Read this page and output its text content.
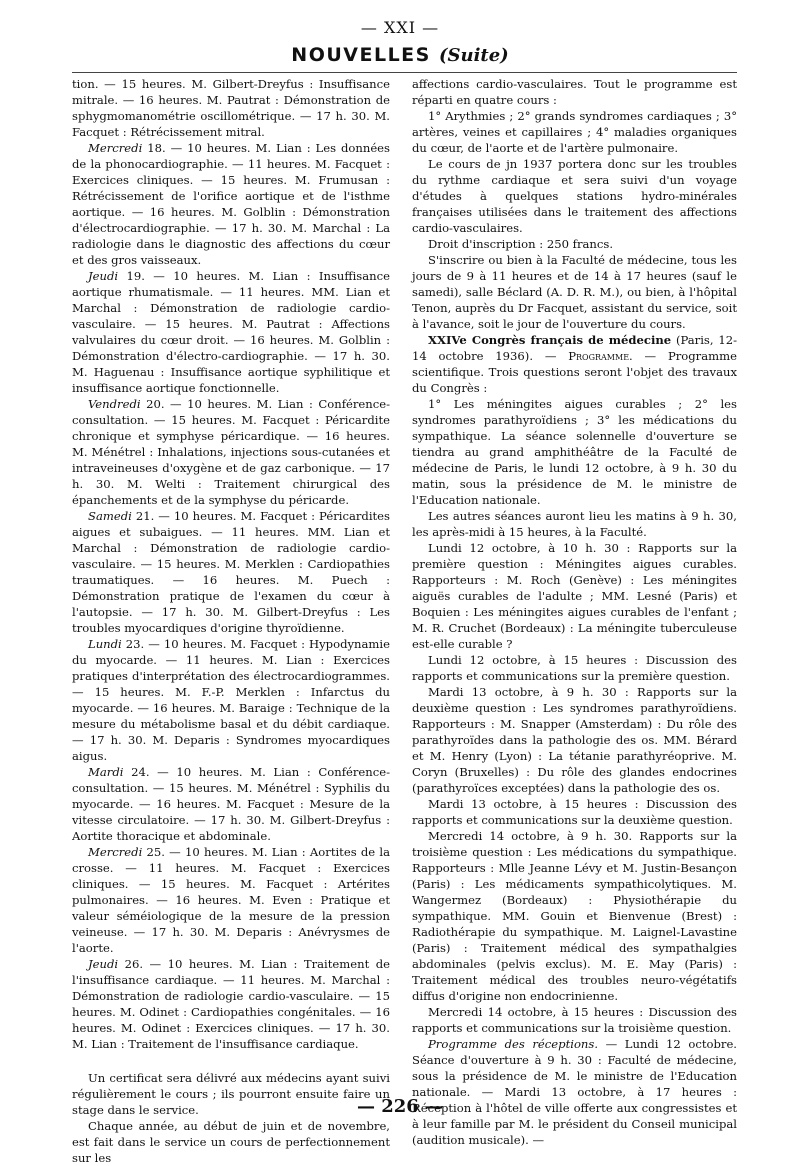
— XXI —
NOUVELLES (Suite)

tion. — 15 heures. M. Gilbert-Dreyfus : Insuffisance mitrale. — 16 heures. M. Pautrat : Démonstration de sphygmomanométrie oscillométrique. — 17 h. 30. M. Facquet : Rétrécissement mitral.

Mercredi 18. — 10 heures. M. Lian : Les données de la phonocardiographie. — 11 heures. M. Facquet : Exercices cliniques. — 15 heures. M. Frumusan : Rétrécissement de l'orifice aortique et de l'isthme aortique. — 16 heures. M. Golblin : Démonstration d'électrocardiographie. — 17 h. 30. M. Marchal : La radiologie dans le diagnostic des affections du cœur et des gros vaisseaux.

Jeudi 19. — 10 heures. M. Lian : Insuffisance aortique rhumatismale. — 11 heures. MM. Lian et Marchal : Démonstration de radiologie cardio-vasculaire. — 15 heures. M. Pautrat : Affections valvulaires du cœur droit. — 16 heures. M. Golblin : Démonstration d'électro-cardiographie. — 17 h. 30. M. Haguenau : Insuffisance aortique syphilitique et insuffisance aortique fonctionnelle.

Vendredi 20. — 10 heures. M. Lian : Conférence-consultation. — 15 heures. M. Facquet : Péricardite chronique et symphyse péricardique. — 16 heures. M. Ménétrel : Inhalations, injections sous-cutanées et intraveineuses d'oxygène et de gaz carbonique. — 17 h. 30. M. Welti : Traitement chirurgical des épanchements et de la symphyse du péricarde.

Samedi 21. — 10 heures. M. Facquet : Péricardites aigues et subaigues. — 11 heures. MM. Lian et Marchal : Démonstration de radiologie cardio-vasculaire. — 15 heures. M. Merklen : Cardiopathies traumatiques. — 16 heures. M. Puech : Démonstration pratique de l'examen du cœur à l'autopsie. — 17 h. 30. M. Gilbert-Dreyfus : Les troubles myocardiques d'origine thyroïdienne.

Lundi 23. — 10 heures. M. Facquet : Hypodynamie du myocarde. — 11 heures. M. Lian : Exercices pratiques d'interprétation des électrocardiogrammes. — 15 heures. M. F.-P. Merklen : Infarctus du myocarde. — 16 heures. M. Baraige : Technique de la mesure du métabolisme basal et du débit cardiaque. — 17 h. 30. M. Deparis : Syndromes myocardiques aigus.

Mardi 24. — 10 heures. M. Lian : Conférence-consultation. — 15 heures. M. Ménétrel : Syphilis du myocarde. — 16 heures. M. Facquet : Mesure de la vitesse circulatoire. — 17 h. 30. M. Gilbert-Dreyfus : Aortite thoracique et abdominale.

Mercredi 25. — 10 heures. M. Lian : Aortites de la crosse. — 11 heures. M. Facquet : Exercices cliniques. — 15 heures. M. Facquet : Artérites pulmonaires. — 16 heures. M. Even : Pratique et valeur séméiologique de la mesure de la pression veineuse. — 17 h. 30. M. Deparis : Anévrysmes de l'aorte.

Jeudi 26. — 10 heures. M. Lian : Traitement de l'insuffisance cardiaque. — 11 heures. M. Marchal : Démonstration de radiologie cardio-vasculaire. — 15 heures. M. Odinet : Cardiopathies congénitales. — 16 heures. M. Odinet : Exercices cliniques. — 17 h. 30. M. Lian : Traitement de l'insuffisance cardiaque.

Un certificat sera délivré aux médecins ayant suivi régulièrement le cours ; ils pourront ensuite faire un stage dans le service.

Chaque année, au début de juin et de novembre, est fait dans le service un cours de perfectionnement sur les

affections cardio-vasculaires. Tout le programme est réparti en quatre cours :

1° Arythmies ; 2° grands syndromes cardiaques ; 3° artères, veines et capillaires ; 4° maladies organiques du cœur, de l'aorte et de l'artère pulmonaire.

Le cours de jn 1937 portera donc sur les troubles du rythme cardiaque et sera suivi d'un voyage d'études à quelques stations hydro-minérales françaises utilisées dans le traitement des affections cardio-vasculaires.

Droit d'inscription : 250 francs.

S'inscrire ou bien à la Faculté de médecine, tous les jours de 9 à 11 heures et de 14 à 17 heures (sauf le samedi), salle Béclard (A. D. R. M.), ou bien, à l'hôpital Tenon, auprès du Dr Facquet, assistant du service, soit à l'avance, soit le jour de l'ouverture du cours.

XXIVe Congrès français de médecine (Paris, 12-14 octobre 1936). — Programme. — Programme scientifique. Trois questions seront l'objet des travaux du Congrès :

1° Les méningites aigues curables ; 2° les syndromes parathyroïdiens ; 3° les médications du sympathique. La séance solennelle d'ouverture se tiendra au grand amphithéâtre de la Faculté de médecine de Paris, le lundi 12 octobre, à 9 h. 30 du matin, sous la présidence de M. le ministre de l'Education nationale.

Les autres séances auront lieu les matins à 9 h. 30, les après-midi à 15 heures, à la Faculté.

Lundi 12 octobre, à 10 h. 30 : Rapports sur la première question : Méningites aigues curables. Rapporteurs : M. Roch (Genève) : Les méningites aiguës curables de l'adulte ; MM. Lesné (Paris) et Boquien : Les méningites aigues curables de l'enfant ; M. R. Cruchet (Bordeaux) : La méningite tuberculeuse est-elle curable ?

Lundi 12 octobre, à 15 heures : Discussion des rapports et communications sur la première question.

Mardi 13 octobre, à 9 h. 30 : Rapports sur la deuxième question : Les syndromes parathyroïdiens. Rapporteurs : M. Snapper (Amsterdam) : Du rôle des parathyroïdes dans la pathologie des os. MM. Bérard et M. Henry (Lyon) : La tétanie parathyréoprive. M. Coryn (Bruxelles) : Du rôle des glandes endocrines (parathyroïces exceptées) dans la pathologie des os.

Mardi 13 octobre, à 15 heures : Discussion des rapports et communications sur la deuxième question.

Mercredi 14 octobre, à 9 h. 30. Rapports sur la troisième question : Les médications du sympathique. Rapporteurs : Mlle Jeanne Lévy et M. Justin-Besançon (Paris) : Les médicaments sympathicolytiques. M. Wangermez (Bordeaux) : Physiothérapie du sympathique. MM. Gouin et Bienvenue (Brest) : Radiothérapie du sympathique. M. Laignel-Lavastine (Paris) : Traitement médical des sympathalgies abdominales (pelvis exclus). M. E. May (Paris) : Traitement médical des troubles neuro-végétatifs diffus d'origine non endocrinienne.

Mercredi 14 octobre, à 15 heures : Discussion des rapports et communications sur la troisième question.

Programme des réceptions. — Lundi 12 octobre. Séance d'ouverture à 9 h. 30 : Faculté de médecine, sous la présidence de M. le ministre de l'Education nationale. — Mardi 13 octobre, à 17 heures : Réception à l'hôtel de ville offerte aux congressistes et à leur famille par M. le président du Conseil municipal (audition musicale). —

— 226 —
